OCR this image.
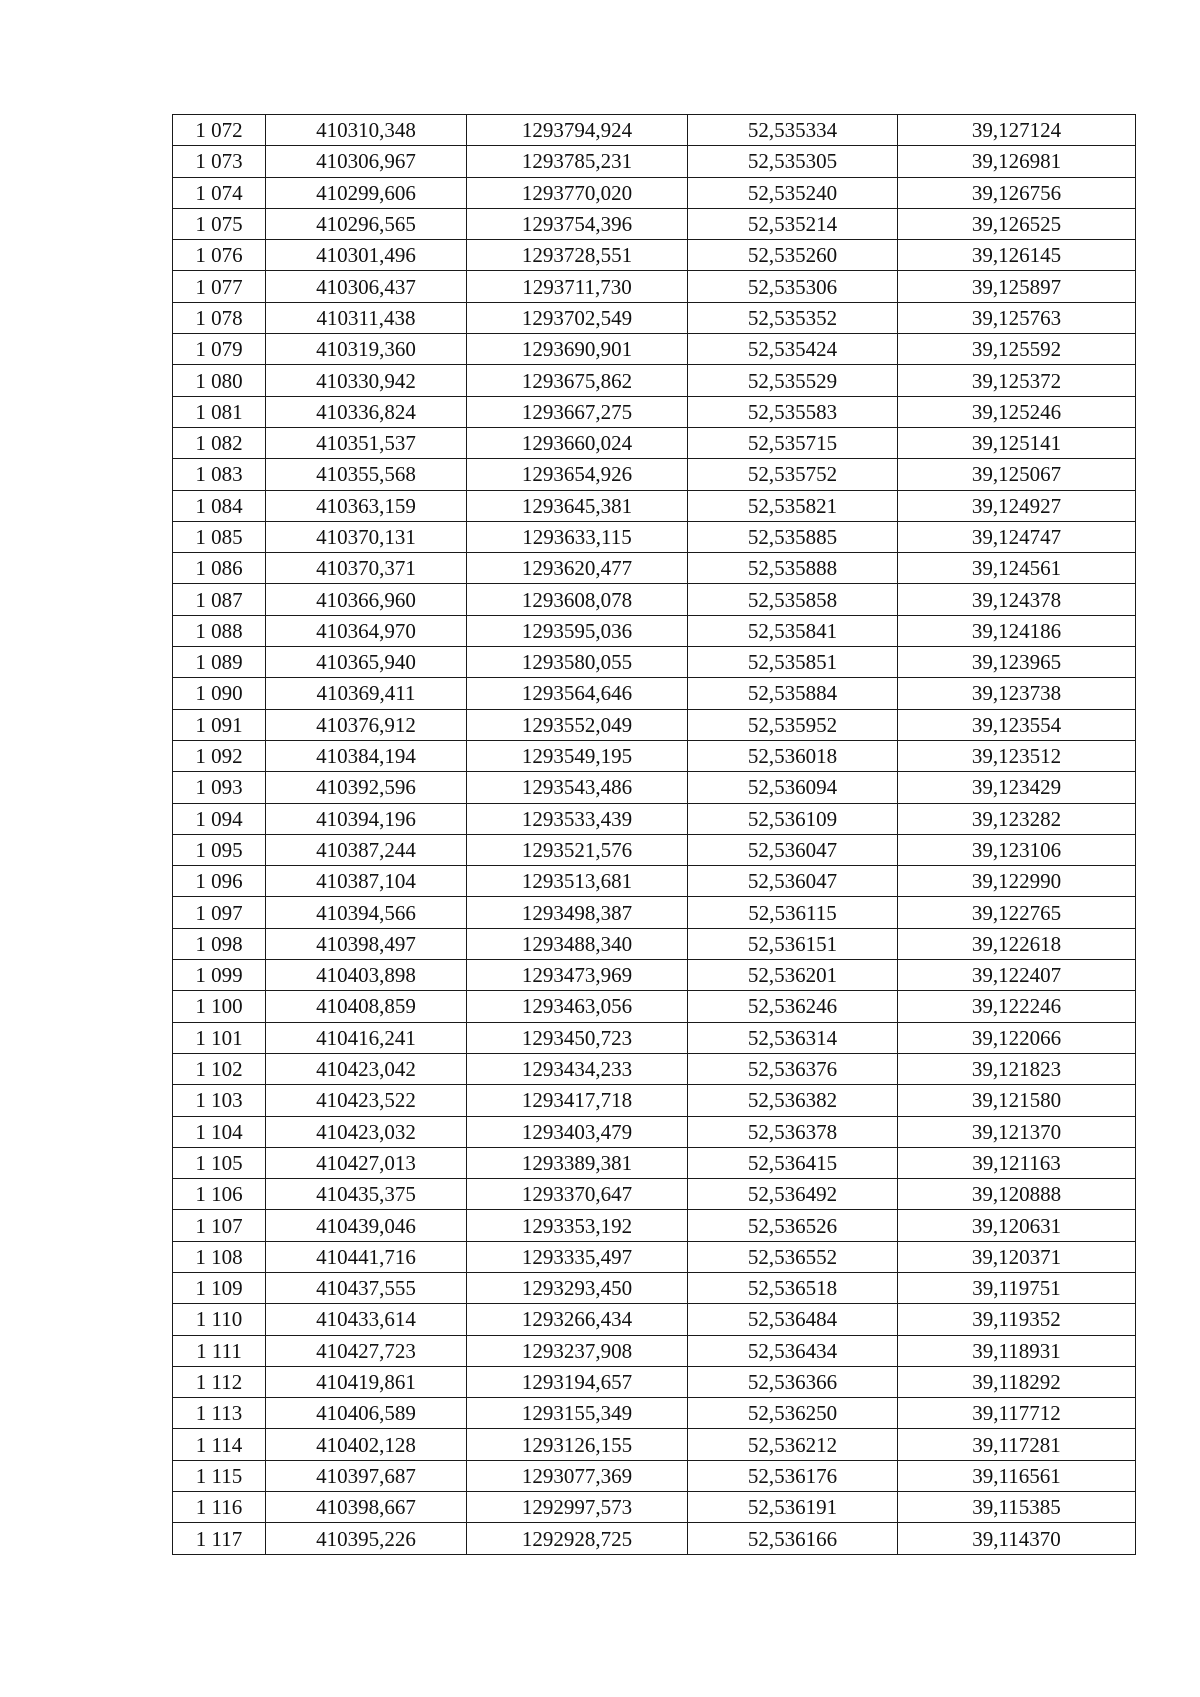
1 072	410310,348	1293794,924	52,535334	39,127124
1 073	410306,967	1293785,231	52,535305	39,126981
1 074	410299,606	1293770,020	52,535240	39,126756
1 075	410296,565	1293754,396	52,535214	39,126525
1 076	410301,496	1293728,551	52,535260	39,126145
1 077	410306,437	1293711,730	52,535306	39,125897
1 078	410311,438	1293702,549	52,535352	39,125763
1 079	410319,360	1293690,901	52,535424	39,125592
1 080	410330,942	1293675,862	52,535529	39,125372
1 081	410336,824	1293667,275	52,535583	39,125246
1 082	410351,537	1293660,024	52,535715	39,125141
1 083	410355,568	1293654,926	52,535752	39,125067
1 084	410363,159	1293645,381	52,535821	39,124927
1 085	410370,131	1293633,115	52,535885	39,124747
1 086	410370,371	1293620,477	52,535888	39,124561
1 087	410366,960	1293608,078	52,535858	39,124378
1 088	410364,970	1293595,036	52,535841	39,124186
1 089	410365,940	1293580,055	52,535851	39,123965
1 090	410369,411	1293564,646	52,535884	39,123738
1 091	410376,912	1293552,049	52,535952	39,123554
1 092	410384,194	1293549,195	52,536018	39,123512
1 093	410392,596	1293543,486	52,536094	39,123429
1 094	410394,196	1293533,439	52,536109	39,123282
1 095	410387,244	1293521,576	52,536047	39,123106
1 096	410387,104	1293513,681	52,536047	39,122990
1 097	410394,566	1293498,387	52,536115	39,122765
1 098	410398,497	1293488,340	52,536151	39,122618
1 099	410403,898	1293473,969	52,536201	39,122407
1 100	410408,859	1293463,056	52,536246	39,122246
1 101	410416,241	1293450,723	52,536314	39,122066
1 102	410423,042	1293434,233	52,536376	39,121823
1 103	410423,522	1293417,718	52,536382	39,121580
1 104	410423,032	1293403,479	52,536378	39,121370
1 105	410427,013	1293389,381	52,536415	39,121163
1 106	410435,375	1293370,647	52,536492	39,120888
1 107	410439,046	1293353,192	52,536526	39,120631
1 108	410441,716	1293335,497	52,536552	39,120371
1 109	410437,555	1293293,450	52,536518	39,119751
1 110	410433,614	1293266,434	52,536484	39,119352
1 111	410427,723	1293237,908	52,536434	39,118931
1 112	410419,861	1293194,657	52,536366	39,118292
1 113	410406,589	1293155,349	52,536250	39,117712
1 114	410402,128	1293126,155	52,536212	39,117281
1 115	410397,687	1293077,369	52,536176	39,116561
1 116	410398,667	1292997,573	52,536191	39,115385
1 117	410395,226	1292928,725	52,536166	39,114370
